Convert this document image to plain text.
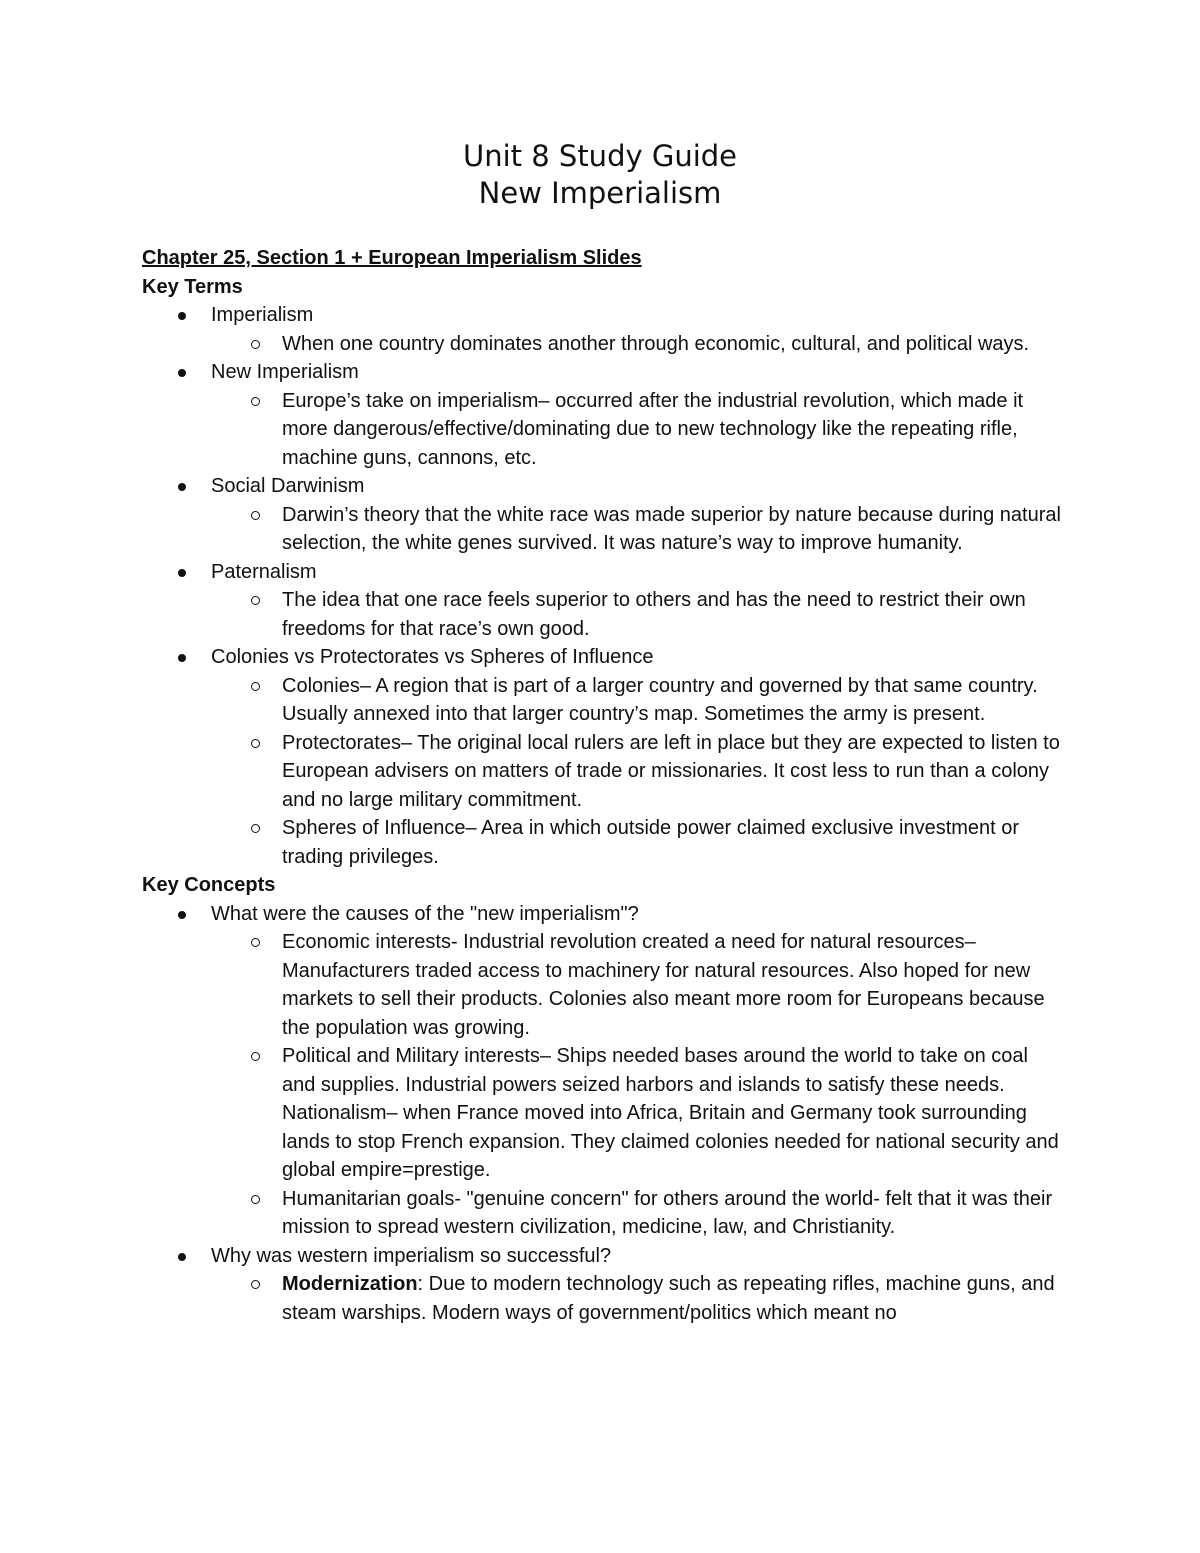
Unit 8 Study Guide
New Imperialism
Chapter 25, Section 1 + European Imperialism Slides
Key Terms
Imperialism
When one country dominates another through economic, cultural, and political ways.
New Imperialism
Europe’s take on imperialism– occurred after the industrial revolution, which made it more dangerous/effective/dominating due to new technology like the repeating rifle, machine guns, cannons, etc.
Social Darwinism
Darwin’s theory that the white race was made superior by nature because during natural selection, the white genes survived. It was nature’s way to improve humanity.
Paternalism
The idea that one race feels superior to others and has the need to restrict their own freedoms for that race’s own good.
Colonies vs Protectorates vs Spheres of Influence
Colonies– A region that is part of a larger country and governed by that same country. Usually annexed into that larger country’s map. Sometimes the army is present.
Protectorates– The original local rulers are left in place but they are expected to listen to European advisers on matters of trade or missionaries. It cost less to run than a colony and no large military commitment.
Spheres of Influence– Area in which outside power claimed exclusive investment or trading privileges.
Key Concepts
What were the causes of the "new imperialism"?
Economic interests- Industrial revolution created a need for natural resources– Manufacturers traded access to machinery for natural resources. Also hoped for new markets to sell their products. Colonies also meant more room for Europeans because the population was growing.
Political and Military interests– Ships needed bases around the world to take on coal and supplies. Industrial powers seized harbors and islands to satisfy these needs. Nationalism– when France moved into Africa, Britain and Germany took surrounding lands to stop French expansion. They claimed colonies needed for national security and global empire=prestige.
Humanitarian goals- "genuine concern" for others around the world- felt that it was their mission to spread western civilization, medicine, law, and Christianity.
Why was western imperialism so successful?
Modernization: Due to modern technology such as repeating rifles, machine guns, and steam warships. Modern ways of government/politics which meant no
